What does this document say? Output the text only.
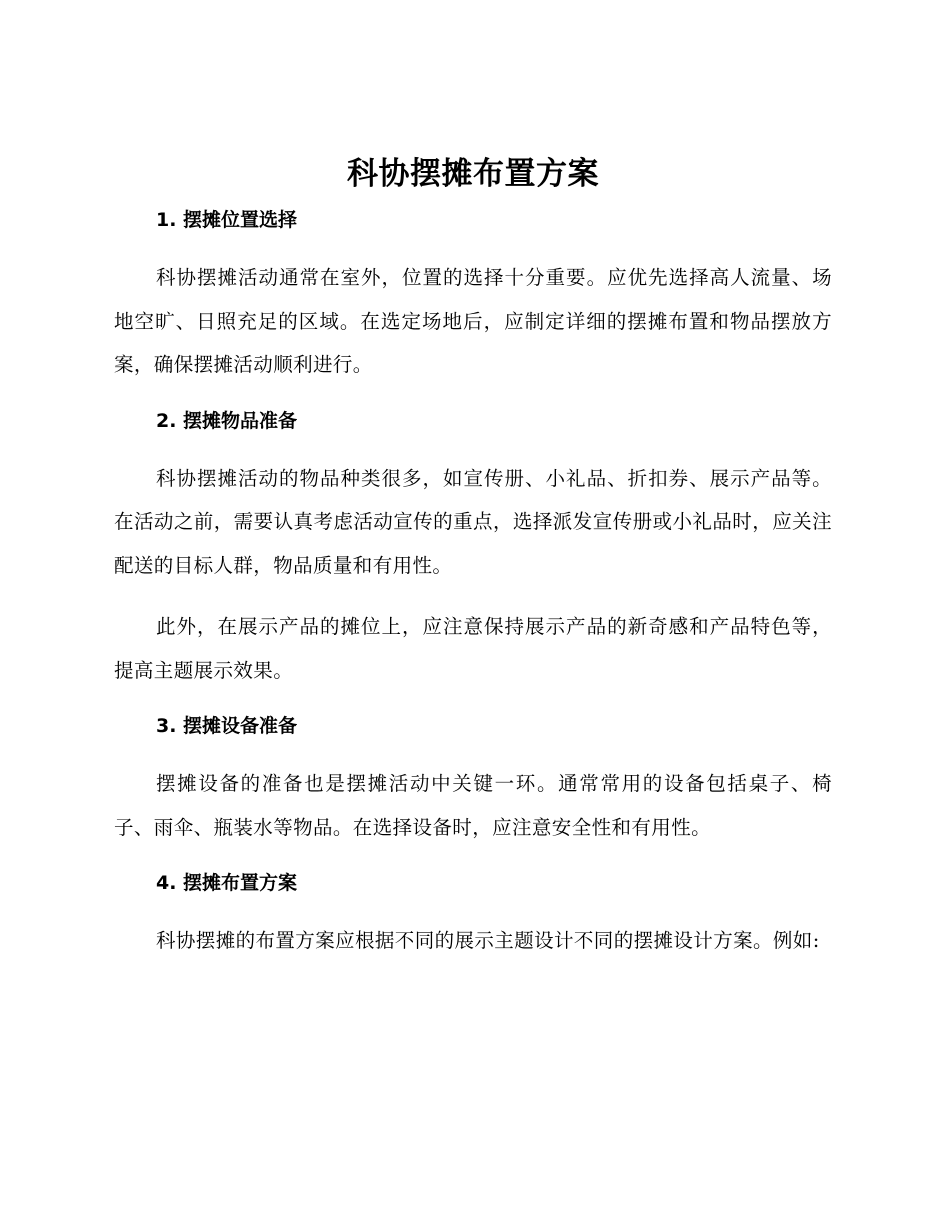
科协摆摊布置方案
1. 摆摊位置选择

科协摆摊活动通常在室外，位置的选择十分重要。应优先选择高人流量、场地空旷、日照充足的区域。在选定场地后，应制定详细的摆摊布置和物品摆放方案，确保摆摊活动顺利进行。

2. 摆摊物品准备

科协摆摊活动的物品种类很多，如宣传册、小礼品、折扣券、展示产品等。在活动之前，需要认真考虑活动宣传的重点，选择派发宣传册或小礼品时，应关注配送的目标人群，物品质量和有用性。

此外，在展示产品的摊位上，应注意保持展示产品的新奇感和产品特色等，提高主题展示效果。

3. 摆摊设备准备

摆摊设备的准备也是摆摊活动中关键一环。通常常用的设备包括桌子、椅子、雨伞、瓶装水等物品。在选择设备时，应注意安全性和有用性。

4. 摆摊布置方案

科协摆摊的布置方案应根据不同的展示主题设计不同的摆摊设计方案。例如:
